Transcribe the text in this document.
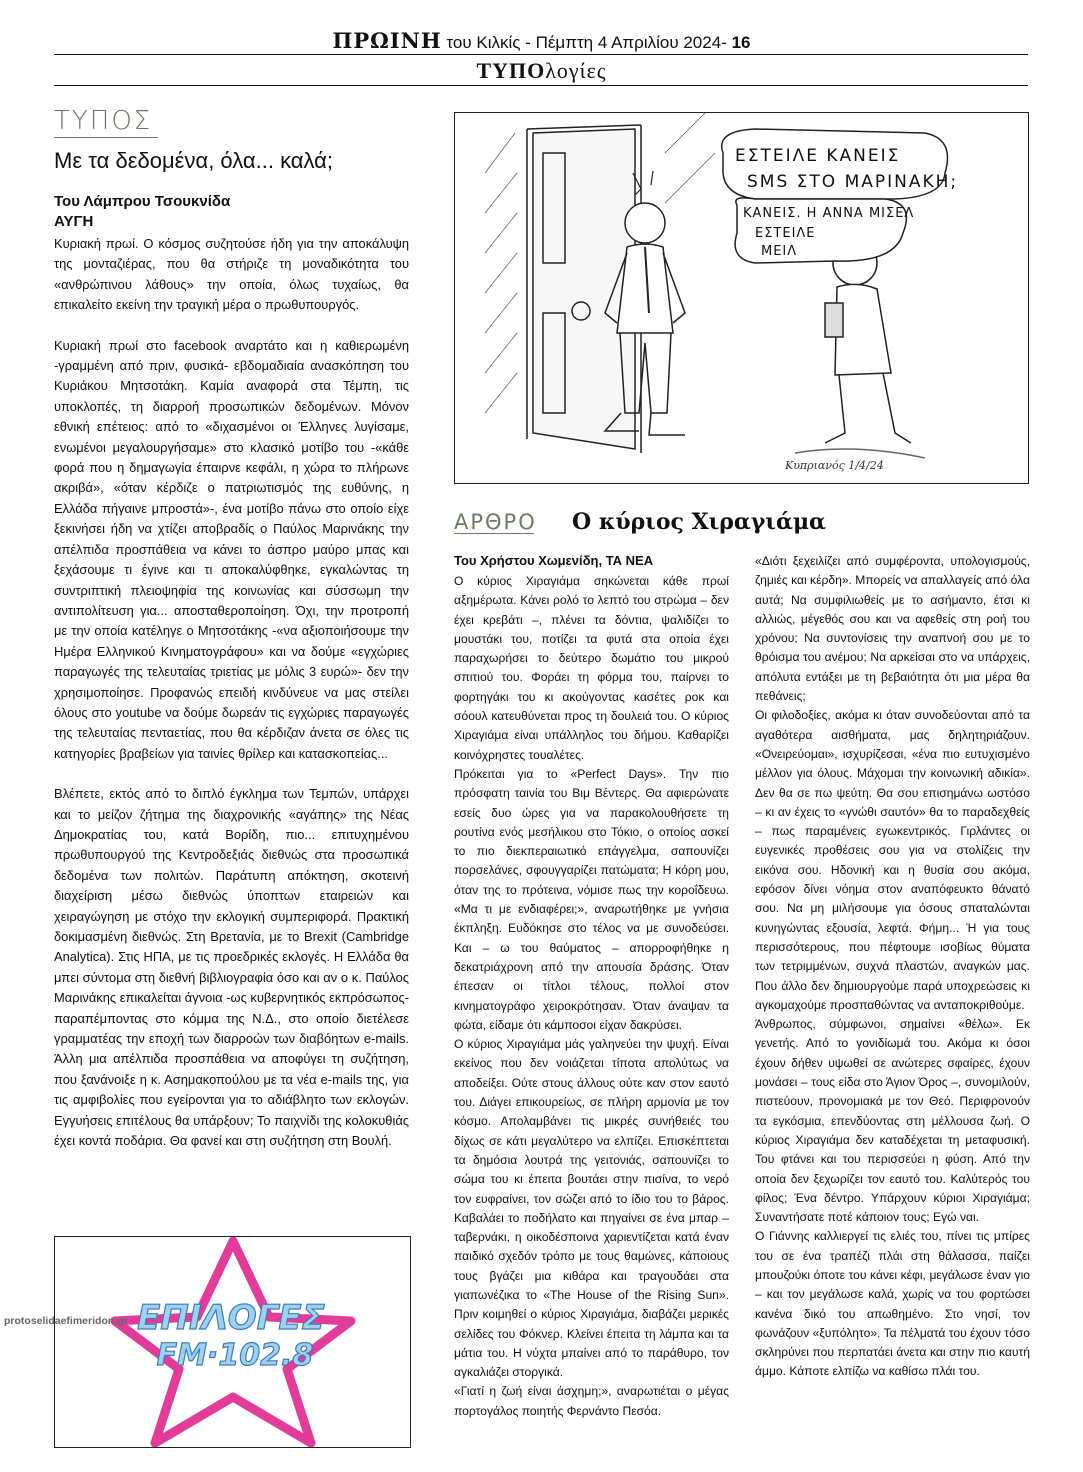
ΠΡΩΙΝΗ του Κιλκίς - Πέμπτη 4 Απριλίου 2024- 16
ΤΥΠΟλογίες
ΤΥΠΟΣ
Με τα δεδομένα, όλα... καλά;
Του Λάμπρου Τσουκνίδα
ΑΥΓΗ

Κυριακή πρωί. Ο κόσμος συζητούσε ήδη για την αποκάλυψη της μονταζιέρας, που θα στήριζε τη μοναδικότητα του «ανθρώπινου λάθους» την οποία, όλως τυχαίως, θα επικαλείτο εκείνη την τραγική μέρα ο πρωθυπουργός.

Κυριακή πρωί στο facebook αναρτάτο και η καθιερωμένη -γραμμένη από πριν, φυσικά- εβδομαδιαία ανασκόπηση του Κυριάκου Μητσοτάκη. Καμία αναφορά στα Τέμπη, τις υποκλοπές, τη διαρροή προσωπικών δεδομένων. Μόνον εθνική επέτειος: από το «διχασμένοι οι Έλληνες λυγίσαμε, ενωμένοι μεγαλουργήσαμε» στο κλασικό μοτίβο του -«κάθε φορά που η δημαγωγία έπαιρνε κεφάλι, η χώρα το πλήρωνε ακριβά», «όταν κέρδιζε ο πατριωτισμός της ευθύνης, η Ελλάδα πήγαινε μπροστά»-, ένα μοτίβο πάνω στο οποίο είχε ξεκινήσει ήδη να χτίζει αποβραδίς ο Παύλος Μαρινάκης την απέλπιδα προσπάθεια να κάνει το άσπρο μαύρο μπας και ξεχάσουμε τι έγινε και τι αποκαλύφθηκε, εγκαλώντας τη συντριπτική πλειοψηφία της κοινωνίας και σύσσωμη την αντιπολίτευση για... αποσταθεροποίηση. Όχι, την προτροπή με την οποία κατέληγε ο Μητσοτάκης -«να αξιοποιήσουμε την Ημέρα Ελληνικού Κινηματογράφου» και να δούμε «εγχώριες παραγωγές της τελευταίας τριετίας με μόλις 3 ευρώ»- δεν την χρησιμοποίησε. Προφανώς επειδή κινδύνευε να μας στείλει όλους στο youtube να δούμε δωρεάν τις εγχώριες παραγωγές της τελευταίας πενταετίας, που θα κέρδιζαν άνετα σε όλες τις κατηγορίες βραβείων για ταινίες θρίλερ και κατασκοπείας...

Βλέπετε, εκτός από το διπλό έγκλημα των Τεμπών, υπάρχει και το μείζον ζήτημα της διαχρονικής «αγάπης» της Νέας Δημοκρατίας του, κατά Βορίδη, πιο... επιτυχημένου πρωθυπουργού της Κεντροδεξιάς διεθνώς στα προσωπικά δεδομένα των πολιτών. Παράτυπη απόκτηση, σκοτεινή διαχείριση μέσω διεθνώς ύποπτων εταιρειών και χειραγώγηση με στόχο την εκλογική συμπεριφορά. Πρακτική δοκιμασμένη διεθνώς. Στη Βρετανία, με το Brexit (Cambridge Analytica). Στις ΗΠΑ, με τις προεδρικές εκλογές. Η Ελλάδα θα μπει σύντομα στη διεθνή βιβλιογραφία όσο και αν ο κ. Παύλος Μαρινάκης επικαλείται άγνοια -ως κυβερνητικός εκπρόσωπος- παραπέμποντας στο κόμμα της Ν.Δ., στο οποίο διετέλεσε γραμματέας την εποχή των διαρροών των διαβόητων e-mails. Άλλη μια απέλπιδα προσπάθεια να αποφύγει τη συζήτηση, που ξανάνοιξε η κ. Ασημακοπούλου με τα νέα e-mails της, για τις αμφιβολίες που εγείρονται για το αδιάβλητο των εκλογών. Εγγυήσεις επιτέλους θα υπάρξουν; Το παιχνίδι της κολοκυθιάς έχει κοντά ποδάρια. Θα φανεί και στη συζήτηση στη Βουλή.

ΕΠΙΛΟΓΕΣ
FM·102.8
protoselidaefimeridon.gr
ΕΣΤΕΙΛΕ ΚΑΝΕΙΣ
SMS ΣΤΟ ΜΑΡΙΝΑΚΗ;
ΚΑΝΕΙΣ. Η ΑΝΝΑ ΜΙΣΕΛ
ΕΣΤΕΙΛΕ
ΜΕΙΛ
Κυπριανός 1/4/24
ΑΡΘΡΟ Ο κύριος Χιραγιάμα
Του Χρήστου Χωμενίδη, ΤΑ ΝΕΑ

Ο κύριος Χιραγιάμα σηκώνεται κάθε πρωί αξημέρωτα. Κάνει ρολό το λεπτό του στρώμα – δεν έχει κρεβάτι –, πλένει τα δόντια, ψαλιδίζει το μουστάκι του, ποτίζει τα φυτά στα οποία έχει παραχωρήσει το δεύτερο δωμάτιο του μικρού σπιτιού του. Φοράει τη φόρμα του, παίρνει το φορτηγάκι του κι ακούγοντας κασέτες ροκ και σόουλ κατευθύνεται προς τη δουλειά του. Ο κύριος Χιραγιάμα είναι υπάλληλος του δήμου. Καθαρίζει κοινόχρηστες τουαλέτες.

Πρόκειται για το «Perfect Days». Την πιο πρόσφατη ταινία του Βιμ Βέντερς. Θα αφιερώνατε εσείς δυο ώρες για να παρακολουθήσετε τη ρουτίνα ενός μεσήλικου στο Τόκιο, ο οποίος ασκεί το πιο διεκπεραιωτικό επάγγελμα, σαπουνίζει πορσελάνες, σφουγγαρίζει πατώματα; Η κόρη μου, όταν της το πρότεινα, νόμισε πως την κοροΐδευω. «Μα τι με ενδιαφέρει;», αναρωτήθηκε με γνήσια έκπληξη. Ευδόκησε στο τέλος να με συνοδεύσει. Και – ω του θαύματος – απορροφήθηκε η δεκατριάχρονη από την απουσία δράσης. Όταν έπεσαν οι τίτλοι τέλους, πολλοί στον κινηματογράφο χειροκρότησαν. Όταν άναψαν τα φώτα, είδαμε ότι κάμποσοι είχαν δακρύσει.

Ο κύριος Χιραγιάμα μάς γαληνεύει την ψυχή. Είναι εκείνος που δεν νοιάζεται τίποτα απολύτως να αποδείξει. Ούτε στους άλλους ούτε καν στον εαυτό του. Διάγει επικουρείως, σε πλήρη αρμονία με τον κόσμο. Απολαμβάνει τις μικρές συνήθειές του δίχως σε κάτι μεγαλύτερο να ελπίζει. Επισκέπτεται τα δημόσια λουτρά της γειτονιάς, σαπουνίζει το σώμα του κι έπειτα βουτάει στην πισίνα, το νερό τον ευφραίνει, τον σώζει από το ίδιο του το βάρος. Καβαλάει το ποδήλατο και πηγαίνει σε ένα μπαρ – ταβερνάκι, η οικοδέσποινα χαριεντίζεται κατά έναν παιδικό σχεδόν τρόπο με τους θαμώνες, κάποιους τους βγάζει μια κιθάρα και τραγουδάει στα γιαπωνέζικα το «The House of the Rising Sun». Πριν κοιμηθεί ο κύριος Χιραγιάμα, διαβάζει μερικές σελίδες του Φόκνερ. Κλείνει έπειτα τη λάμπα και τα μάτια του. Η νύχτα μπαίνει από το παράθυρο, τον αγκαλιάζει στοργικά.

«Γιατί η ζωή είναι άσχημη;», αναρωτιέται ο μέγας πορτογάλος ποιητής Φερνάντο Πεσόα.

«Διότι ξεχειλίζει από συμφέροντα, υπολογισμούς, ζημιές και κέρδη». Μπορείς να απαλλαγείς από όλα αυτά; Να συμφιλιωθείς με το ασήμαντο, έτσι κι αλλιώς, μέγεθός σου και να αφεθείς στη ροή του χρόνου; Να συντονίσεις την αναπνοή σου με το θρόισμα του ανέμου; Να αρκείσαι στο να υπάρχεις, απόλυτα εντάξει με τη βεβαιότητα ότι μια μέρα θα πεθάνεις;

Οι φιλοδοξίες, ακόμα κι όταν συνοδεύονται από τα αγαθότερα αισθήματα, μας δηλητηριάζουν. «Ονειρεύομαι», ισχυρίζεσαι, «ένα πιο ευτυχισμένο μέλλον για όλους. Μάχομαι την κοινωνική αδικία». Δεν θα σε πω ψεύτη. Θα σου επισημάνω ωστόσο – κι αν έχεις το «γνώθι σαυτόν» θα το παραδεχθείς – πως παραμένεις εγωκεντρικός. Γιρλάντες οι ευγενικές προθέσεις σου για να στολίζεις την εικόνα σου. Ηδονική και η θυσία σου ακόμα, εφόσον δίνει νόημα στον αναπόφευκτο θάνατό σου. Να μη μιλήσουμε για όσους σπαταλώνται κυνηγώντας εξουσία, λεφτά. Φήμη... Ή για τους περισσότερους, που πέφτουμε ισοβίως θύματα των τετριμμένων, συχνά πλαστών, αναγκών μας. Που άλλο δεν δημιουργούμε παρά υποχρεώσεις κι αγκομαχούμε προσπαθώντας να ανταποκριθούμε.

Άνθρωπος, σύμφωνοι, σημαίνει «θέλω». Εκ γενετής. Από το γονιδίωμά του. Ακόμα κι όσοι έχουν δήθεν υψωθεί σε ανώτερες σφαίρες, έχουν μονάσει – τους είδα στο Άγιον Όρος –, συνομιλούν, πιστεύουν, προνομιακά με τον Θεό. Περιφρονούν τα εγκόσμια, επενδύοντας στη μέλλουσα ζωή. Ο κύριος Χιραγιάμα δεν καταδέχεται τη μεταφυσική. Του φτάνει και του περισσεύει η φύση. Από την οποία δεν ξεχωρίζει τον εαυτό του. Καλύτερός του φίλος; Ένα δέντρο. Υπάρχουν κύριοι Χιραγιάμα; Συναντήσατε ποτέ κάποιον τους; Εγώ ναι.

Ο Γιάννης καλλιεργεί τις ελιές του, πίνει τις μπίρες του σε ένα τραπέζι πλάι στη θάλασσα, παίζει μπουζούκι όποτε του κάνει κέφι, μεγάλωσε έναν γιο – και τον μεγάλωσε καλά, χωρίς να του φορτώσει κανένα δικό του απωθημένο. Στο νησί, τον φωνάζουν «ξυπόλητο». Τα πέλματά του έχουν τόσο σκληρύνει που περπατάει άνετα και στην πιο καυτή άμμο. Κάποτε ελπίζω να καθίσω πλάι του.
